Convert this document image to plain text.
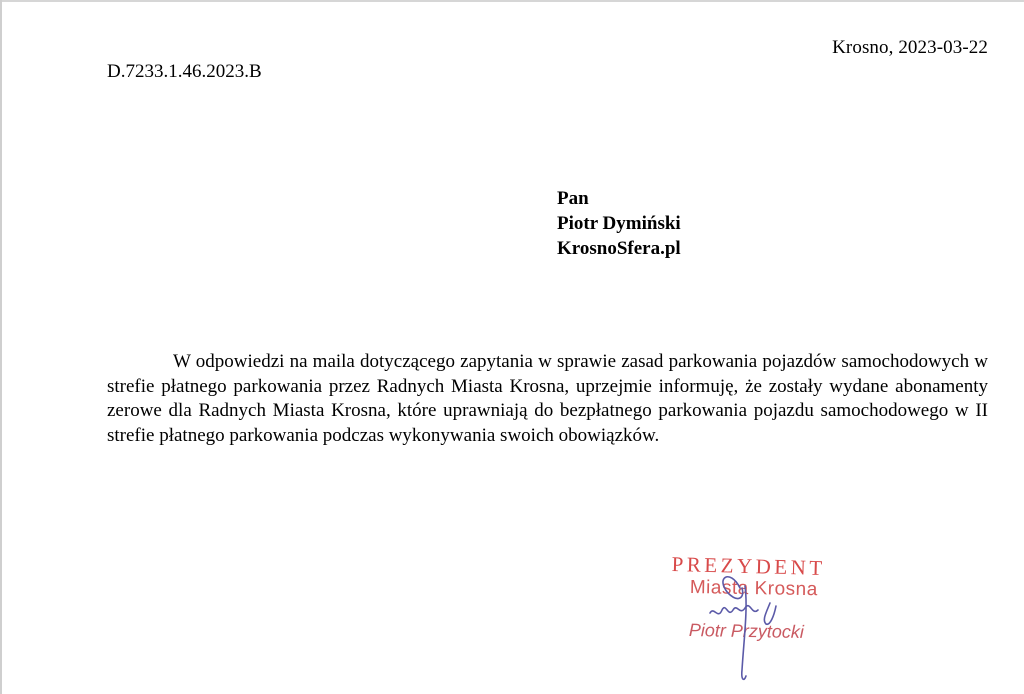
Krosno, 2023-03-22
D.7233.1.46.2023.B
Pan
Piotr Dymiński
KrosnoSfera.pl

W odpowiedzi na maila dotyczącego zapytania w sprawie zasad parkowania pojazdów samochodowych w strefie płatnego parkowania przez Radnych Miasta Krosna, uprzejmie informuję, że zostały wydane abonamenty zerowe dla Radnych Miasta Krosna, które uprawniają do bezpłatnego parkowania pojazdu samochodowego w II strefie płatnego parkowania podczas wykonywania swoich obowiązków.

PREZYDENT
Miasta Krosna
Piotr Przytocki
